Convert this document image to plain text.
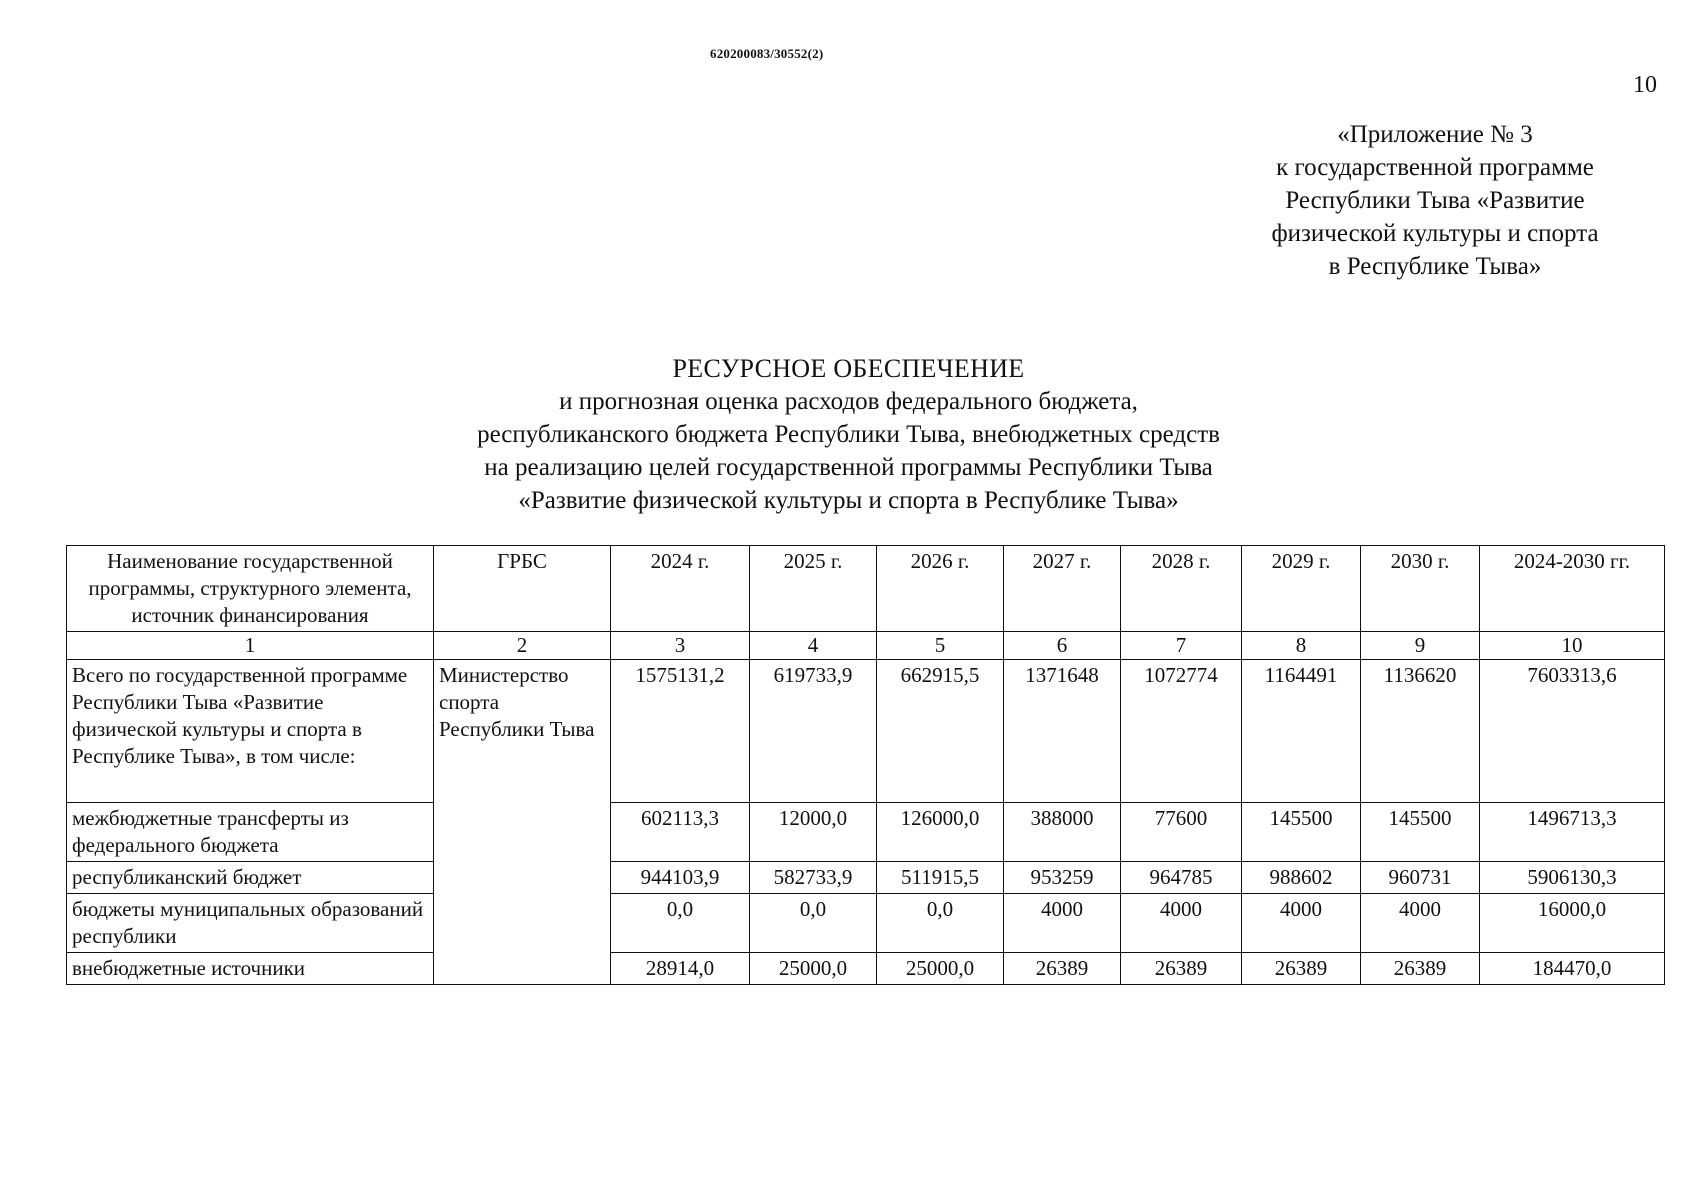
620200083/30552(2)
10
«Приложение № 3
к государственной программе
Республики Тыва «Развитие
физической культуры и спорта
в Республике Тыва»
РЕСУРСНОЕ ОБЕСПЕЧЕНИЕ
и прогнозная оценка расходов федерального бюджета,
республиканского бюджета Республики Тыва, внебюджетных средств
на реализацию целей государственной программы Республики Тыва
«Развитие физической культуры и спорта в Республике Тыва»
Наименование государственной программы, структурного элемента, источник финансирования	ГРБС	2024 г.	2025 г.	2026 г.	2027 г.	2028 г.	2029 г.	2030 г.	2024-2030 гг.
1	2	3	4	5	6	7	8	9	10
Всего по государственной программе Республики Тыва «Развитие физической культуры и спорта в Республике Тыва», в том числе:	Министерство спорта Республики Тыва	1575131,2	619733,9	662915,5	1371648	1072774	1164491	1136620	7603313,6
межбюджетные трансферты из федерального бюджета		602113,3	12000,0	126000,0	388000	77600	145500	145500	1496713,3
республиканский бюджет		944103,9	582733,9	511915,5	953259	964785	988602	960731	5906130,3
бюджеты муниципальных образований республики		0,0	0,0	0,0	4000	4000	4000	4000	16000,0
внебюджетные источники		28914,0	25000,0	25000,0	26389	26389	26389	26389	184470,0
